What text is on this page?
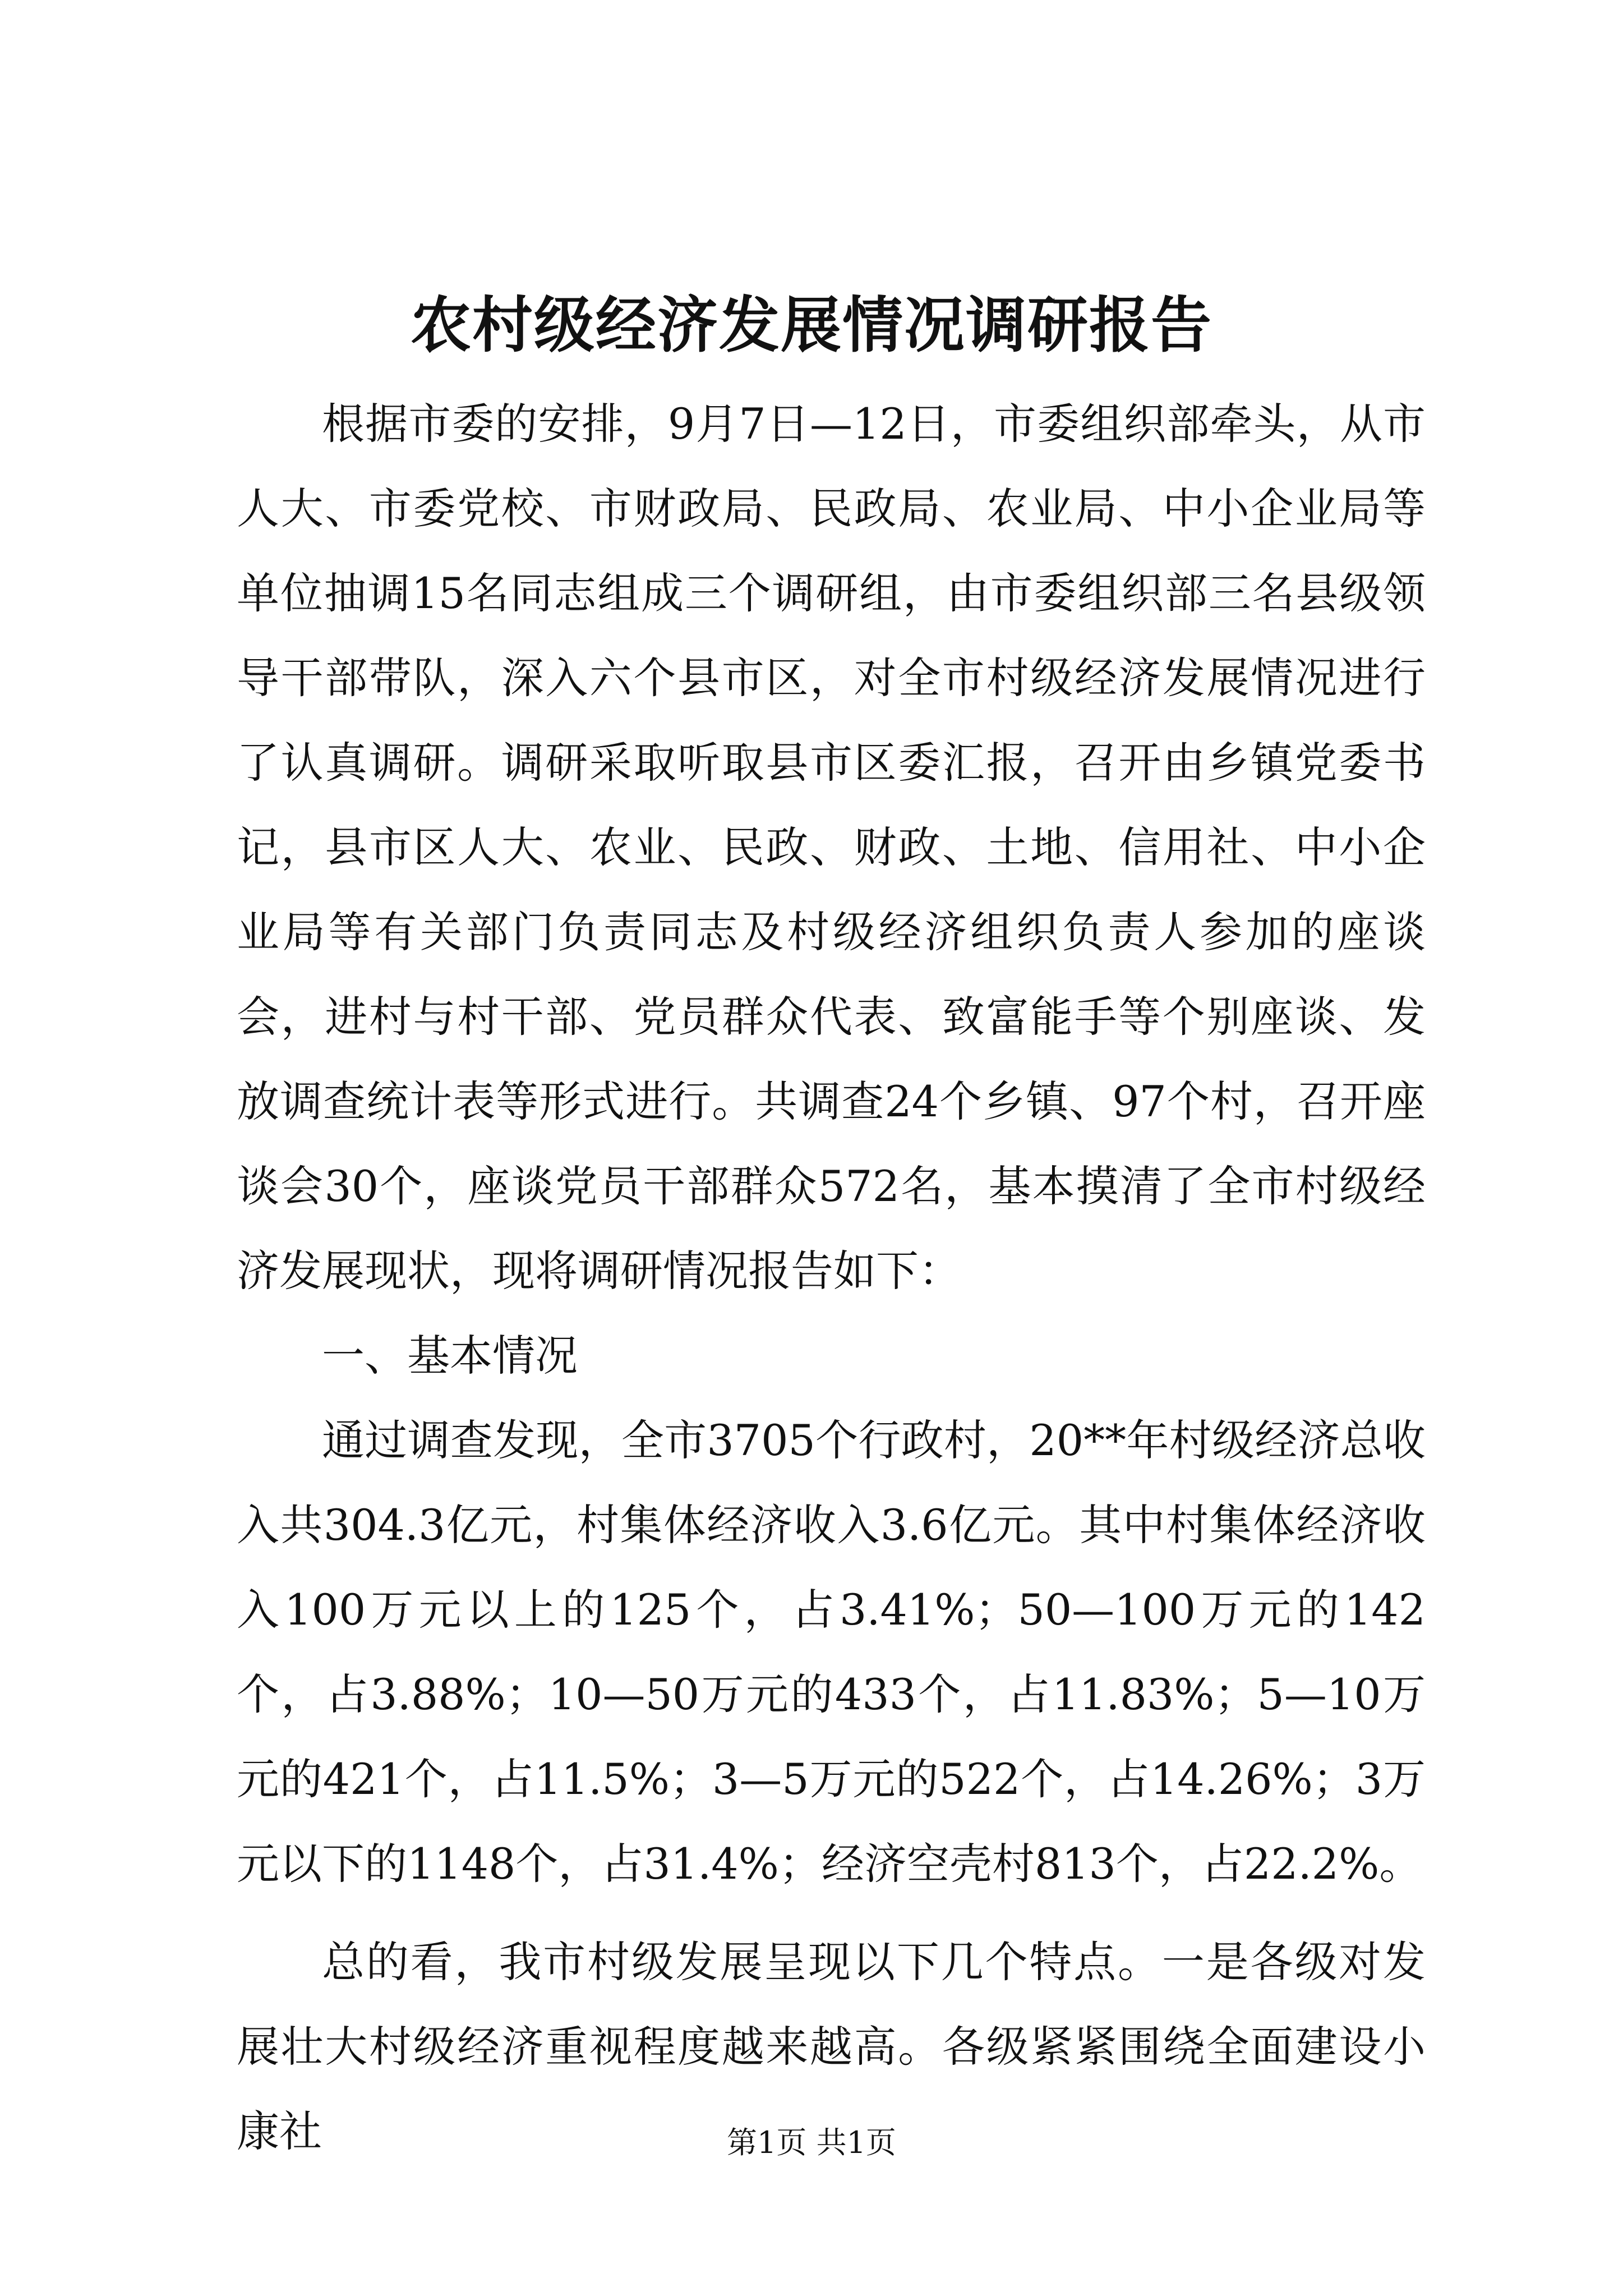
农村级经济发展情况调研报告

根据市委的安排，9月7日—12日，市委组织部牵头，从市人大、市委党校、市财政局、民政局、农业局、中小企业局等单位抽调15名同志组成三个调研组，由市委组织部三名县级领导干部带队，深入六个县市区，对全市村级经济发展情况进行了认真调研。调研采取听取县市区委汇报，召开由乡镇党委书记，县市区人大、农业、民政、财政、土地、信用社、中小企业局等有关部门负责同志及村级经济组织负责人参加的座谈会，进村与村干部、党员群众代表、致富能手等个别座谈、发放调查统计表等形式进行。共调查24个乡镇、97个村，召开座谈会30个，座谈党员干部群众572名，基本摸清了全市村级经济发展现状，现将调研情况报告如下：

一、基本情况

通过调查发现，全市3705个行政村，20**年村级经济总收入共304.3亿元，村集体经济收入3.6亿元。其中村集体经济收入100万元以上的125个，占3.41%；50—100万元的142个，占3.88%；10—50万元的433个，占11.83%；5—10万元的421个，占11.5%；3—5万元的522个，占14.26%；3万元以下的1148个，占31.4%；经济空壳村813个，占22.2%。

总的看，我市村级发展呈现以下几个特点。一是各级对发展壮大村级经济重视程度越来越高。各级紧紧围绕全面建设小康社	第1页 共1页
